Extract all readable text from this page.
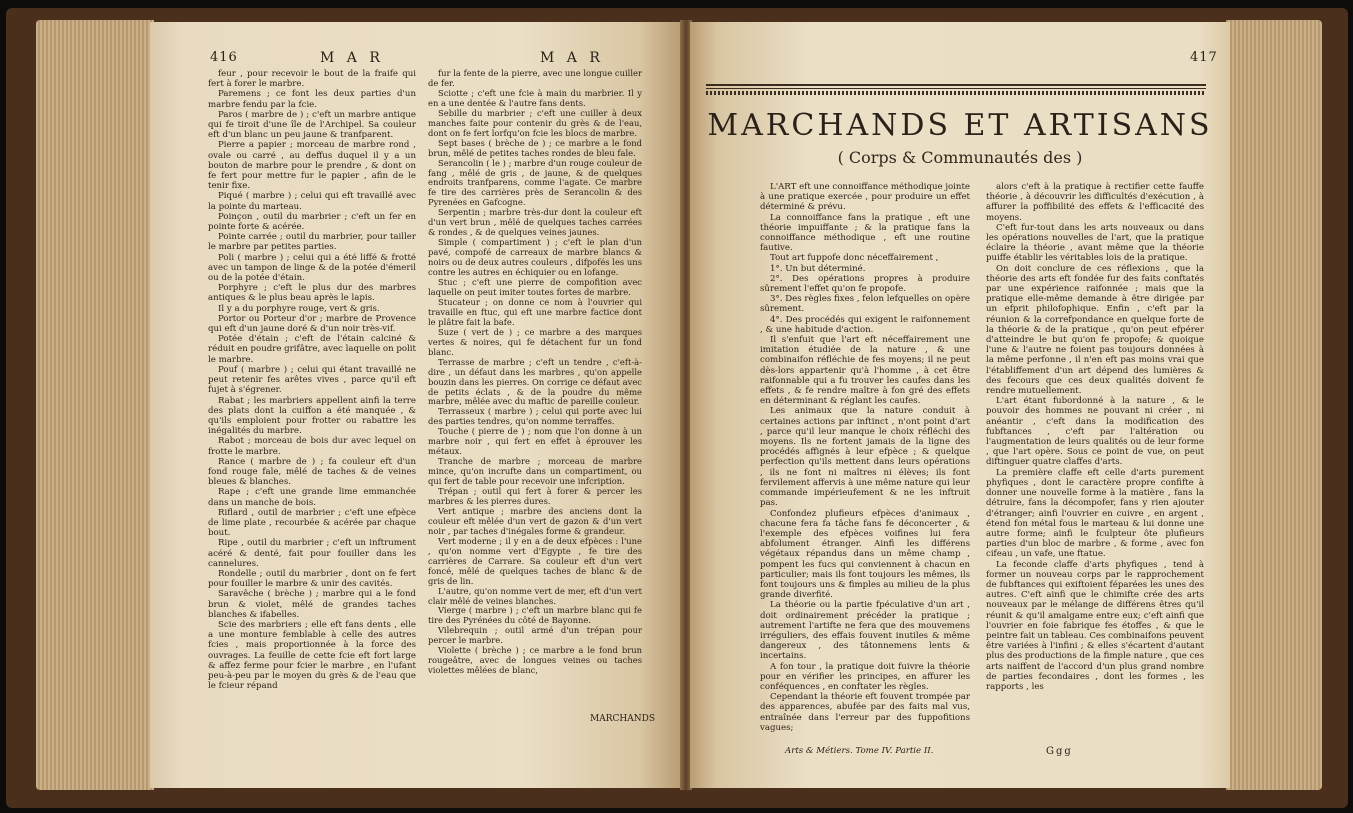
416	M A R	M A R

feur , pour recevoir le bout de la fraife qui fert à forer le marbre.

Paremens ; ce font les deux parties d'un marbre fendu par la fcie.

Paros ( marbre de ) ; c'eft un marbre antique qui fe tiroit d'une île de l'Archipel. Sa couleur eft d'un blanc un peu jaune & tranfparent.

Pierre a papier ; morceau de marbre rond , ovale ou carré , au deffus duquel il y a un bouton de marbre pour le prendre , & dont on fe fert pour mettre fur le papier , afin de le tenir fixe.

Piqué ( marbre ) ; celui qui eft travaillé avec la pointe du marteau.

Poinçon , outil du marbrier ; c'eft un fer en pointe forte & acérée.

Pointe carrée ; outil du marbrier, pour tailler le marbre par petites parties.

Poli ( marbre ) ; celui qui a été liffé & frotté avec un tampon de linge & de la potée d'émeril ou de la potée d'étain.

Porphyre ; c'eft le plus dur des marbres antiques & le plus beau après le lapis.

Il y a du porphyre rouge, vert & gris.

Portor ou Porteur d'or ; marbre de Provence qui eft d'un jaune doré & d'un noir très-vif.

Potée d'étain ; c'eft de l'étain calciné & réduit en poudre grifâtre, avec laquelle on polit le marbre.

Pouf ( marbre ) ; celui qui étant travaillé ne peut retenir fes arêtes vives , parce qu'il eft fujet à s'égrener.

Rabat ; les marbriers appellent ainfi la terre des plats dont la cuiffon a été manquée , & qu'ils emploient pour frotter ou rabattre les inégalités du marbre.

Rabot ; morceau de bois dur avec lequel on frotte le marbre.

Rance ( marbre de ) ; fa couleur eft d'un fond rouge fale, mêlé de taches & de veines bleues & blanches.

Rape ; c'eft une grande lime emmanchée dans un manche de bois.

Riflard , outil de marbrier ; c'eft une efpèce de lime plate , recourbée & acérée par chaque bout.

Ripe , outil du marbrier ; c'eft un inftrument acéré & denté, fait pour fouiller dans les cannelures.

Rondelle ; outil du marbrier , dont on fe fert pour fouiller le marbre & unir des cavités.

Saravêche ( brèche ) ; marbre qui a le fond brun & violet, mêlé de grandes taches blanches & ifabelles.

Scie des marbriers ; elle eft fans dents , elle a une monture femblable à celle des autres fcies , mais proportionnée à la force des ouvrages. La feuille de cette fcie eft fort large & affez ferme pour fcier le marbre , en l'ufant peu-à-peu par le moyen du grès & de l'eau que le fcieur répand

fur la fente de la pierre, avec une longue cuiller de fer.

Sciotte ; c'eft une fcie à main du marbrier. Il y en a une dentée & l'autre fans dents.

Sebille du marbrier ; c'eft une cuiller à deux manches faite pour contenir du grès & de l'eau, dont on fe fert lorfqu'on fcie les blocs de marbre.

Sept bases ( brèche de ) ; ce marbre a le fond brun, mêlé de petites taches rondes de bleu fale.

Serancolin ( le ) ; marbre d'un rouge couleur de fang , mêlé de gris , de jaune, & de quelques endroits tranfparens, comme l'agate. Ce marbre fe tire des carrières près de Serancolin & des Pyrenées en Gafcogne.

Serpentin ; marbre très-dur dont la couleur eft d'un vert brun , mêlé de quelques taches carrées & rondes , & de quelques veines jaunes.

Simple ( compartiment ) ; c'eft le plan d'un pavé, compofé de carreaux de marbre blancs & noirs ou de deux autres couleurs , difpofés les uns contre les autres en échiquier ou en lofange.

Stuc ; c'eft une pierre de compofition avec laquelle on peut imiter toutes fortes de marbre.

Stucateur ; on donne ce nom à l'ouvrier qui travaille en ftuc, qui eft une marbre factice dont le plâtre fait la bafe.

Suze ( vert de ) ; ce marbre a des marques vertes & noires, qui fe détachent fur un fond blanc.

Terrasse de marbre ; c'eft un tendre , c'eft-à-dire , un défaut dans les marbres , qu'on appelle bouzin dans les pierres. On corrige ce défaut avec de petits éclats , & de la poudre du même marbre, mêlée avec du maftic de pareille couleur.

Terrasseux ( marbre ) ; celui qui porte avec lui des parties tendres, qu'on nomme terraffes.

Touche ( pierre de ) ; nom que l'on donne à un marbre noir , qui fert en effet à éprouver les métaux.

Tranche de marbre ; morceau de marbre mince, qu'on incrufte dans un compartiment, ou qui fert de table pour recevoir une infcription.

Trépan ; outil qui fert à forer & percer les marbres & les pierres dures.

Vert antique ; marbre des anciens dont la couleur eft mêlée d'un vert de gazon & d'un vert noir , par taches d'inégales forme & grandeur.

Vert moderne ; il y en a de deux efpèces : l'une , qu'on nomme vert d'Egypte , fe tire des carrières de Carrare. Sa couleur eft d'un vert foncé, mêlé de quelques taches de blanc & de gris de lin.

L'autre, qu'on nomme vert de mer, eft d'un vert clair mêlé de veines blanches.

Vierge ( marbre ) ; c'eft un marbre blanc qui fe tire des Pyrénées du côté de Bayonne.

Vilebrequin ; outil armé d'un trépan pour percer le marbre.

Violette ( brèche ) ; ce marbre a le fond brun rougeâtre, avec de longues veines ou taches violettes mêlées de blanc,

MARCHANDS
417
MARCHANDS ET ARTISANS
( Corps & Communautés des )

L'ART eft une connoiffance méthodique jointe à une pratique exercée , pour produire un effet déterminé & prévu.

La connoiffance fans la pratique , eft une théorie impuiffante ; & la pratique fans la connoiffance méthodique , eft une routine fautive.

Tout art fuppofe donc néceffairement ,

1°. Un but déterminé.

2°. Des opérations propres à produire sûrement l'effet qu'on fe propofe.

3°. Des règles fixes , felon lefquelles on opère sûrement.

4°. Des procédés qui exigent le raifonnement , & une habitude d'action.

Il s'enfuit que l'art eft néceffairement une imitation étudiée de la nature , & une combinaifon réfléchie de fes moyens; il ne peut dès-lors appartenir qu'à l'homme , à cet être raifonnable qui a fu trouver les caufes dans les effets , & fe rendre maître à fon gré des effets en déterminant & réglant les caufes.

Les animaux que la nature conduit à certaines actions par inftinct , n'ont point d'art , parce qu'il leur manque le choix réfléchi des moyens. Ils ne fortent jamais de la ligne des procédés affignés à leur efpèce ; & quelque perfection qu'ils mettent dans leurs opérations , ils ne font ni maîtres ni élèves; ils font fervilement affervis à une même nature qui leur commande impérieufement & ne les inftruit pas.

Confondez plufieurs efpèces d'animaux , chacune fera fa tâche fans fe déconcerter , & l'exemple des efpèces voifines lui fera abfolument étranger. Ainfi les différens végétaux répandus dans un même champ , pompent les fucs qui conviennent à chacun en particulier; mais ils font toujours les mêmes, ils font toujours uns & fimples au milieu de la plus grande diverfité.

La théorie ou la partie fpéculative d'un art , doit ordinairement précéder la pratique ; autrement l'artifte ne fera que des mouvemens irréguliers, des effais fouvent inutiles & même dangereux , des tâtonnemens lents & incertains.

A fon tour , la pratique doit fuivre la théorie pour en vérifier les principes, en affurer les conféquences , en conftater les règles.

Cependant la théorie eft fouvent trompée par des apparences, abufée par des faits mal vus, entraînée dans l'erreur par des fuppofitions vagues;

alors c'eft à la pratique à rectifier cette fauffe théorie , à découvrir les difficultés d'exécution , à affurer la poffibilité des effets & l'efficacité des moyens.

C'eft fur-tout dans les arts nouveaux ou dans les opérations nouvelles de l'art, que la pratique éclaire la théorie , avant même que la théorie puiffe établir les véritables lois de la pratique.

On doit conclure de ces réflexions , que la théorie des arts eft fondée fur des faits conftatés par une expérience raifonnée ; mais que la pratique elle-même demande à être dirigée par un efprit philofophique. Enfin , c'eft par la réunion & la correfpondance en quelque forte de la théorie & de la pratique , qu'on peut efpérer d'atteindre le but qu'on fe propofe; & quoique l'une & l'autre ne foient pas toujours données à la même perfonne , il n'en eft pas moins vrai que l'établiffement d'un art dépend des lumières & des fecours que ces deux qualités doivent fe rendre mutuellement.

L'art étant fubordonné à la nature , & le pouvoir des hommes ne pouvant ni créer , ni anéantir , c'eft dans la modification des fubftances , c'eft par l'altération ou l'augmentation de leurs qualités ou de leur forme , que l'art opère. Sous ce point de vue, on peut diftinguer quatre claffes d'arts.

La première claffe eft celle d'arts purement phyfiques , dont le caractère propre confifte à donner une nouvelle forme à la matière , fans la détruire, fans la décompofer, fans y rien ajouter d'étranger; ainfi l'ouvrier en cuivre , en argent , étend fon métal fous le marteau & lui donne une autre forme; ainfi le fculpteur ôte plufieurs parties d'un bloc de marbre , & forme , avec fon cifeau , un vafe, une ftatue.

La feconde claffe d'arts phyfiques , tend à former un nouveau corps par le rapprochement de fubftances qui exiftoient féparées les unes des autres. C'eft ainfi que le chimifte crée des arts nouveaux par le mélange de différens êtres qu'il réunit & qu'il amalgame entre eux; c'eft ainfi que l'ouvrier en foie fabrique fes étoffes , & que le peintre fait un tableau. Ces combinaifons peuvent être variées à l'infini ; & elles s'écartent d'autant plus des productions de la fimple nature , que ces arts naiffent de l'accord d'un plus grand nombre de parties fecondaires , dont les formes , les rapports , les

Arts & Métiers. Tome IV. Partie II.	Ggg
